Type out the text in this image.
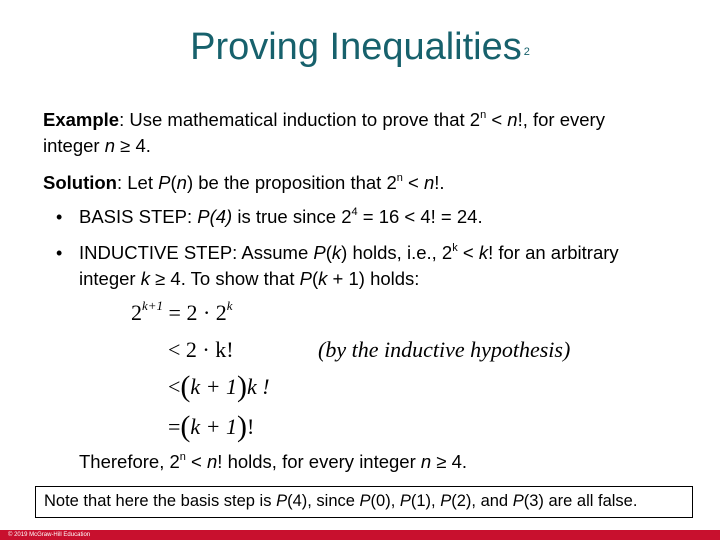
Proving Inequalities $_2$
Example: Use mathematical induction to prove that $2^n < n$!, for every
integer n ≥ 4.
Solution: Let P(n) be the proposition that $2^n < n$!.
• BASIS STEP: P(4) is true since $2^4 = 16 < 4$! = 24.
• INDUCTIVE STEP: Assume P(k) holds, i.e., $2^k < k$! for an arbitrary
integer k ≥ 4. To show that P(k + 1) holds:
$2^{k+1} = 2 \cdot 2^k$
< 2 · k!	(by the inductive hypothesis)
<(k + 1)k !
=(k + 1)!
Therefore, $2^n < n$! holds, for every integer n ≥ 4.
Note that here the basis step is P(4), since P(0), P(1), P(2), and P(3) are all false.
© 2019 McGraw-Hill Education
